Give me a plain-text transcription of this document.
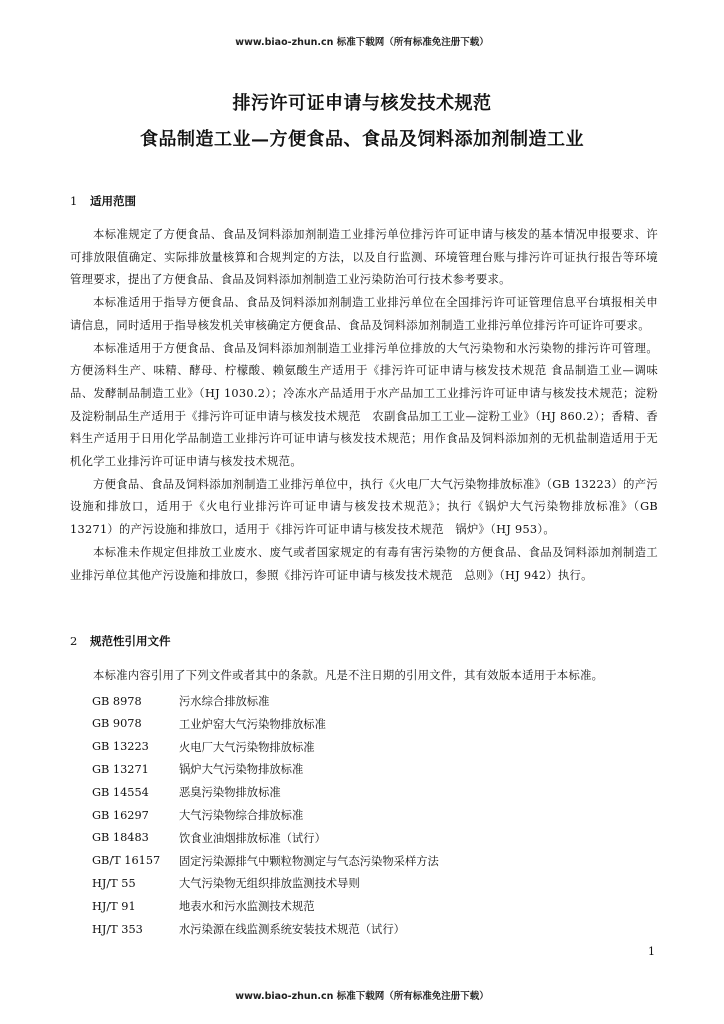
www.biao-zhun.cn 标准下载网（所有标准免注册下载）
排污许可证申请与核发技术规范
食品制造工业—方便食品、食品及饲料添加剂制造工业
1 适用范围

本标准规定了方便食品、食品及饲料添加剂制造工业排污单位排污许可证申请与核发的基本情况申报要求、许可排放限值确定、实际排放量核算和合规判定的方法，以及自行监测、环境管理台账与排污许可证执行报告等环境管理要求，提出了方便食品、食品及饲料添加剂制造工业污染防治可行技术参考要求。

本标准适用于指导方便食品、食品及饲料添加剂制造工业排污单位在全国排污许可证管理信息平台填报相关申请信息，同时适用于指导核发机关审核确定方便食品、食品及饲料添加剂制造工业排污单位排污许可证许可要求。

本标准适用于方便食品、食品及饲料添加剂制造工业排污单位排放的大气污染物和水污染物的排污许可管理。方便汤料生产、味精、酵母、柠檬酸、赖氨酸生产适用于《排污许可证申请与核发技术规范 食品制造工业—调味品、发酵制品制造工业》（HJ 1030.2）；冷冻水产品适用于水产品加工工业排污许可证申请与核发技术规范；淀粉及淀粉制品生产适用于《排污许可证申请与核发技术规范　农副食品加工工业—淀粉工业》（HJ 860.2）；香精、香料生产适用于日用化学品制造工业排污许可证申请与核发技术规范；用作食品及饲料添加剂的无机盐制造适用于无机化学工业排污许可证申请与核发技术规范。

方便食品、食品及饲料添加剂制造工业排污单位中，执行《火电厂大气污染物排放标准》（GB 13223）的产污设施和排放口，适用于《火电行业排污许可证申请与核发技术规范》；执行《锅炉大气污染物排放标准》（GB 13271）的产污设施和排放口，适用于《排污许可证申请与核发技术规范　锅炉》（HJ 953）。

本标准未作规定但排放工业废水、废气或者国家规定的有毒有害污染物的方便食品、食品及饲料添加剂制造工业排污单位其他产污设施和排放口，参照《排污许可证申请与核发技术规范　总则》（HJ 942）执行。

2 规范性引用文件

本标准内容引用了下列文件或者其中的条款。凡是不注日期的引用文件，其有效版本适用于本标准。

GB 8978	污水综合排放标准
GB 9078	工业炉窑大气污染物排放标准
GB 13223	火电厂大气污染物排放标准
GB 13271	锅炉大气污染物排放标准
GB 14554	恶臭污染物排放标准
GB 16297	大气污染物综合排放标准
GB 18483	饮食业油烟排放标准（试行）
GB/T 16157	固定污染源排气中颗粒物测定与气态污染物采样方法
HJ/T 55	大气污染物无组织排放监测技术导则
HJ/T 91	地表水和污水监测技术规范
HJ/T 353	水污染源在线监测系统安装技术规范（试行）
1
www.biao-zhun.cn 标准下载网（所有标准免注册下载）
